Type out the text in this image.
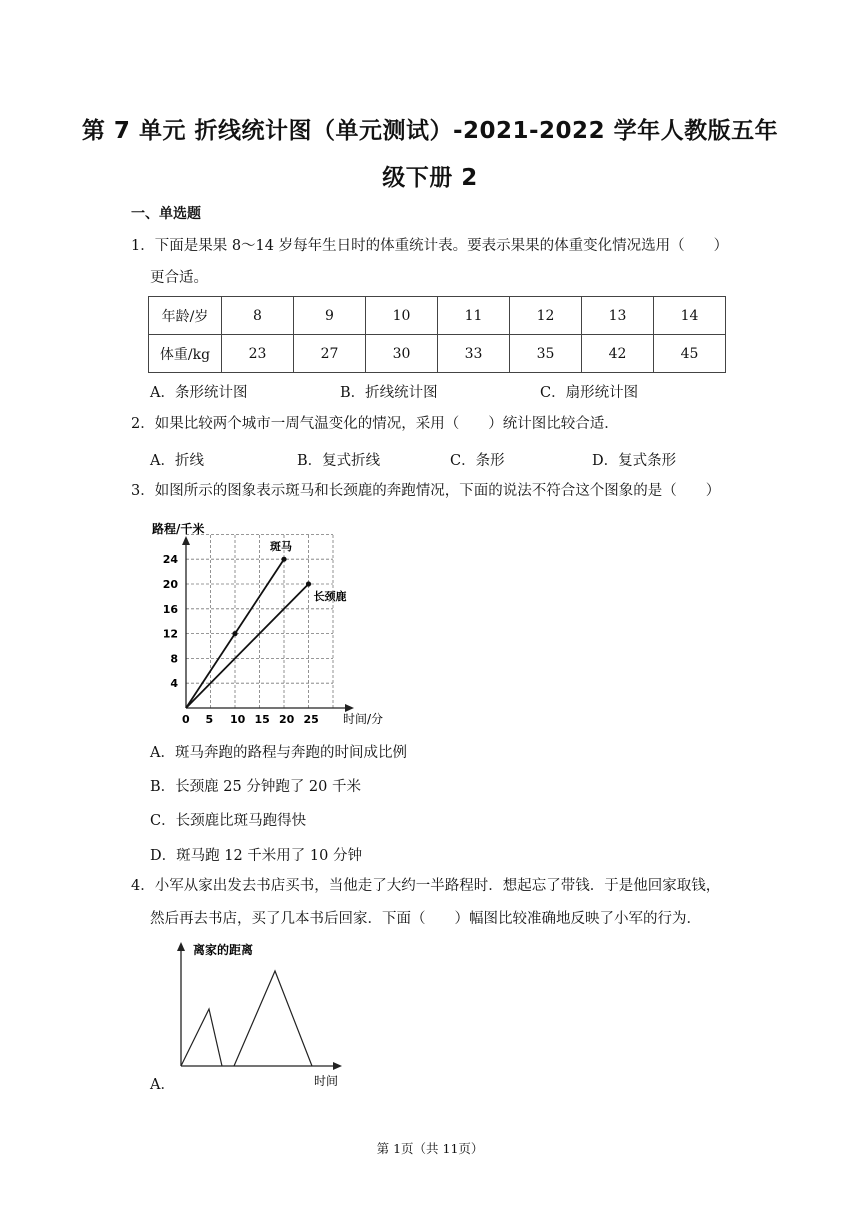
第 7 单元 折线统计图（单元测试）-2021-2022 学年人教版五年
级下册 2
一、单选题
1．下面是果果 8～14 岁每年生日时的体重统计表。要表示果果的体重变化情况选用（　　）
更合适。
年龄/岁	8	9	10	11	12	13	14
体重/kg	23	27	30	33	35	42	45
A．条形统计图	B．折线统计图	C．扇形统计图
2．如果比较两个城市一周气温变化的情况，采用（　　）统计图比较合适．
A．折线	B．复式折线	C．条形	D．复式条形
3．如图所示的图象表示斑马和长颈鹿的奔跑情况，下面的说法不符合这个图象的是（　　）
路程/千米
时间/分
0 5 10 15 20 25
4
8
12
16
20
24
斑马
长颈鹿
A．斑马奔跑的路程与奔跑的时间成比例
B．长颈鹿 25 分钟跑了 20 千米
C．长颈鹿比斑马跑得快
D．斑马跑 12 千米用了 10 分钟
4．小军从家出发去书店买书，当他走了大约一半路程时．想起忘了带钱．于是他回家取钱，
然后再去书店，买了几本书后回家．下面（　　）幅图比较准确地反映了小军的行为．
离家的距离
时间
A．
第 1页（共 11页）
